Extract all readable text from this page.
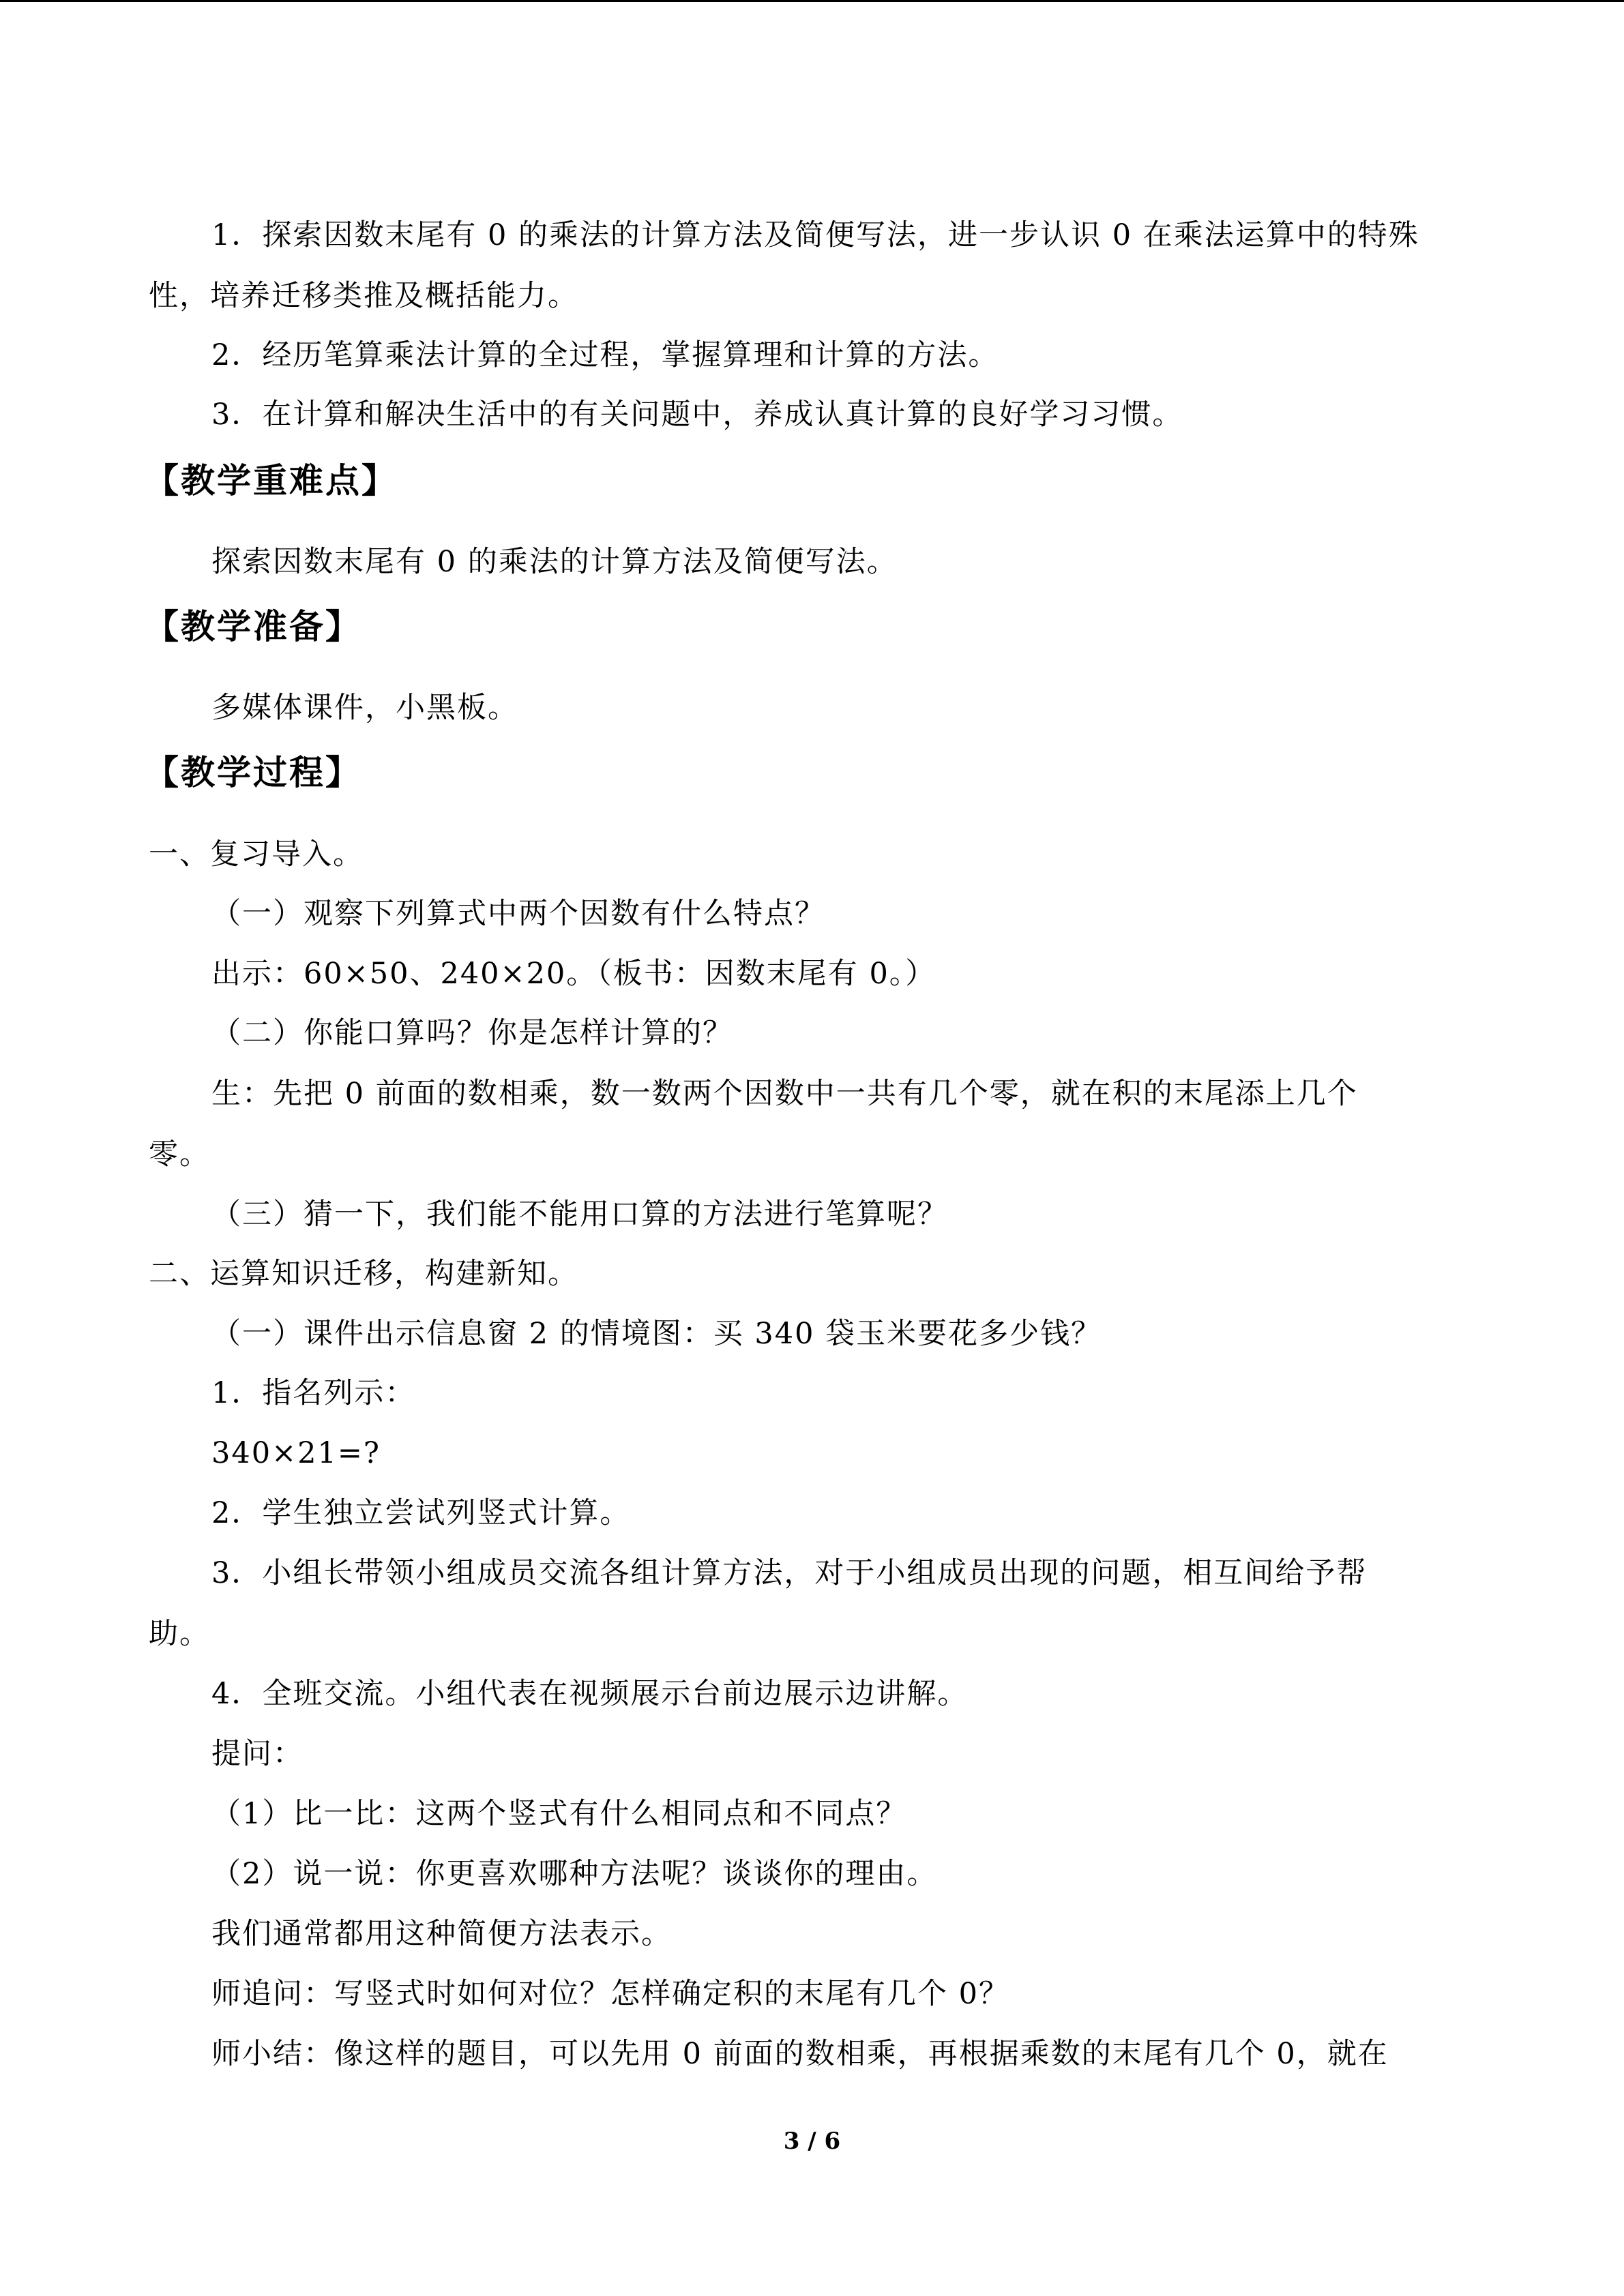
1．探索因数末尾有 0 的乘法的计算方法及简便写法，进一步认识 0 在乘法运算中的特殊
性，培养迁移类推及概括能力。
2．经历笔算乘法计算的全过程，掌握算理和计算的方法。
3．在计算和解决生活中的有关问题中，养成认真计算的良好学习习惯。
【教学重难点】
探索因数末尾有 0 的乘法的计算方法及简便写法。
【教学准备】
多媒体课件，小黑板。
【教学过程】
一、复习导入。
（一）观察下列算式中两个因数有什么特点？
出示：60×50、240×20。（板书：因数末尾有 0。）
（二）你能口算吗？你是怎样计算的？
生：先把 0 前面的数相乘，数一数两个因数中一共有几个零，就在积的末尾添上几个
零。
（三）猜一下，我们能不能用口算的方法进行笔算呢？
二、运算知识迁移，构建新知。
（一）课件出示信息窗 2 的情境图：买 340 袋玉米要花多少钱？
1．指名列示：
340×21=?
2．学生独立尝试列竖式计算。
3．小组长带领小组成员交流各组计算方法，对于小组成员出现的问题，相互间给予帮
助。
4．全班交流。小组代表在视频展示台前边展示边讲解。
提问：
（1）比一比：这两个竖式有什么相同点和不同点？
（2）说一说：你更喜欢哪种方法呢？谈谈你的理由。
我们通常都用这种简便方法表示。
师追问：写竖式时如何对位？怎样确定积的末尾有几个 0？
师小结：像这样的题目，可以先用 0 前面的数相乘，再根据乘数的末尾有几个 0，就在
3 / 6
